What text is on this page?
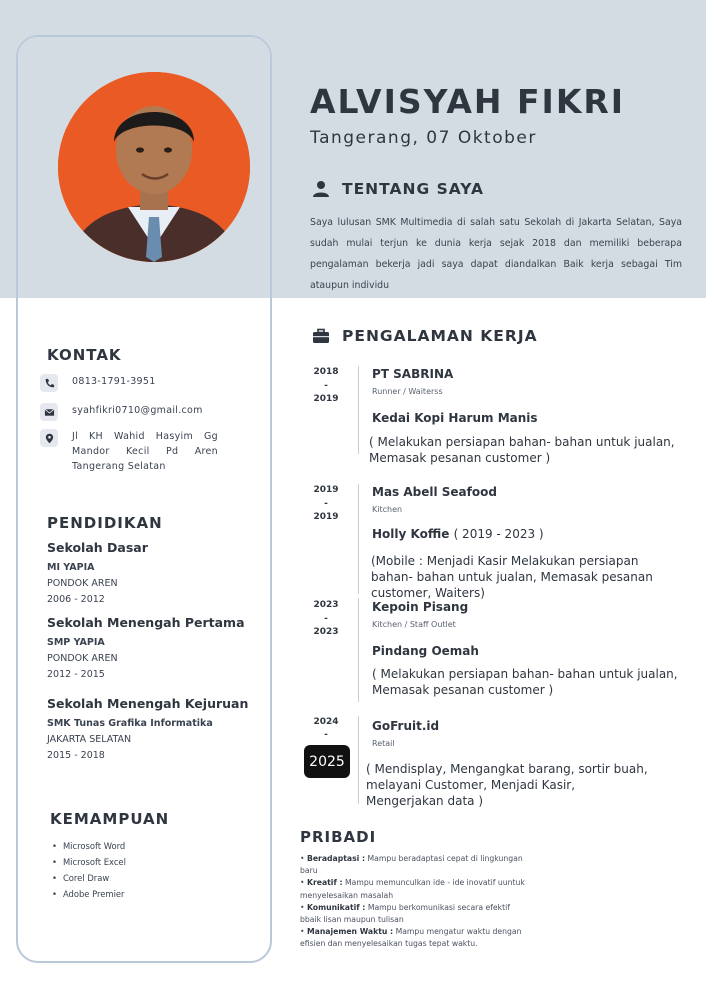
ALVISYAH FIKRI
Tangerang, 07 Oktober
TENTANG SAYA
Saya lulusan SMK Multimedia di salah satu Sekolah di Jakarta Selatan, Saya sudah mulai terjun ke dunia kerja sejak 2018 dan memiliki beberapa pengalaman bekerja jadi saya dapat diandalkan Baik kerja sebagai Tim ataupun individu
KONTAK
0813-1791-3951
syahfikri0710@gmail.com
Jl KH Wahid Hasyim Gg Mandor Kecil Pd Aren Tangerang Selatan
PENDIDIKAN
Sekolah Dasar
MI YAPIA
PONDOK AREN
2006 - 2012
Sekolah Menengah Pertama
SMP YAPIA
PONDOK AREN
2012 - 2015
Sekolah Menengah Kejuruan
SMK Tunas Grafika Informatika
JAKARTA SELATAN
2015 - 2018
KEMAMPUAN
• Microsoft Word
• Microsoft Excel
• Corel Draw
• Adobe Premier
PENGALAMAN KERJA
2018
-
2019
PT SABRINA
Runner / Waiterss
Kedai Kopi Harum Manis
( Melakukan persiapan bahan- bahan untuk jualan, Memasak pesanan customer )
2019
-
2019
Mas Abell Seafood
Kitchen
Holly Koffie ( 2019 - 2023 )
(Mobile : Menjadi Kasir Melakukan persiapan bahan- bahan untuk jualan, Memasak pesanan customer, Waiters)
2023
-
2023
Kepoin Pisang
Kitchen / Staff Outlet
Pindang Oemah
( Melakukan persiapan bahan- bahan untuk jualan, Memasak pesanan customer )
2024
-
2025
GoFruit.id
Retail
( Mendisplay, Mengangkat barang, sortir buah, melayani Customer, Menjadi Kasir, Mengerjakan data )
PRIBADI
• Beradaptasi : Mampu beradaptasi cepat di lingkungan baru
• Kreatif : Mampu memunculkan ide - ide inovatif uuntuk menyelesaikan masalah
• Komunikatif : Mampu berkomunikasi secara efektif bbaik lisan maupun tulisan
• Manajemen Waktu : Mampu mengatur waktu dengan efisien dan menyelesaikan tugas tepat waktu.
